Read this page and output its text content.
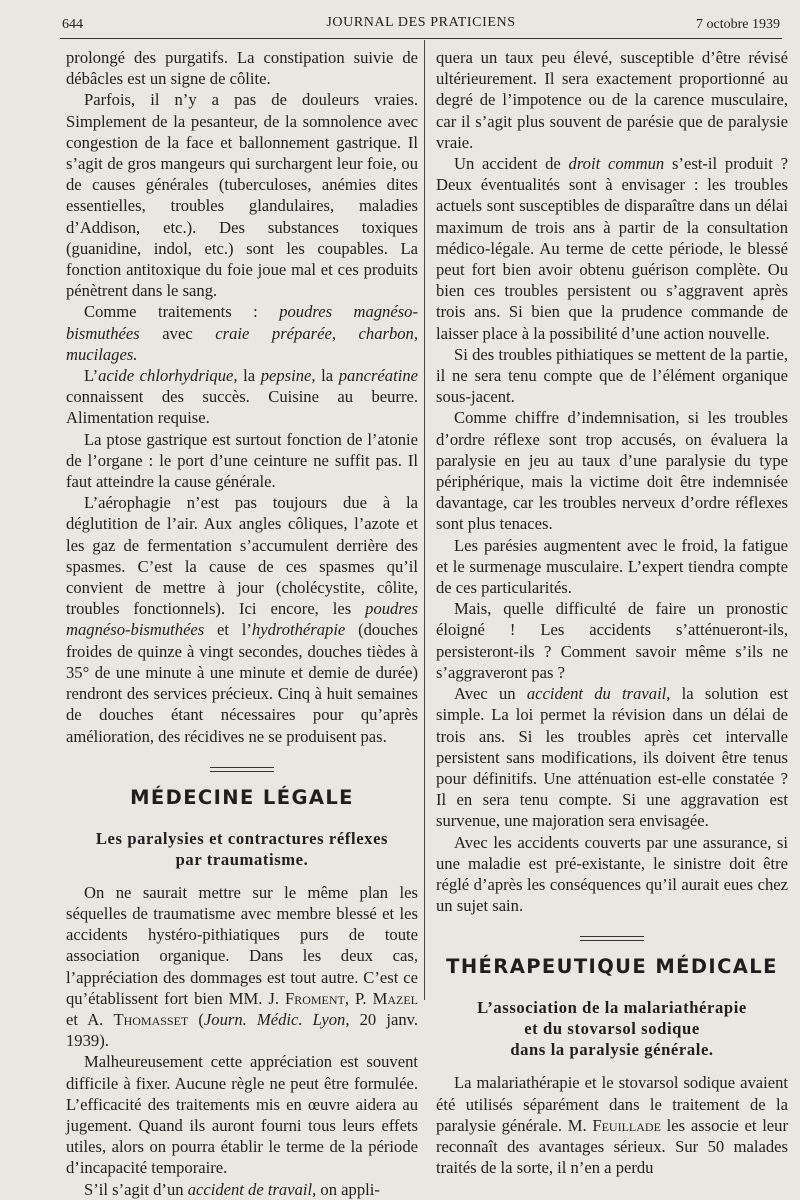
644	JOURNAL DES PRATICIENS	7 octobre 1939

prolongé des purgatifs. La constipation suivie de débâcles est un signe de côlite.

Parfois, il n’y a pas de douleurs vraies. Simplement de la pesanteur, de la somnolence avec congestion de la face et ballonnement gastrique. Il s’agit de gros mangeurs qui surchargent leur foie, ou de causes générales (tuberculoses, anémies dites essentielles, troubles glandulaires, maladies d’Addison, etc.). Des substances toxiques (guanidine, indol, etc.) sont les coupables. La fonction antitoxique du foie joue mal et ces produits pénètrent dans le sang.

Comme traitements : poudres magnéso-bismuthées avec craie préparée, charbon, mucilages.

L’acide chlorhydrique, la pepsine, la pancréatine connaissent des succès. Cuisine au beurre. Alimentation requise.

La ptose gastrique est surtout fonction de l’atonie de l’organe : le port d’une ceinture ne suffit pas. Il faut atteindre la cause générale.

L’aérophagie n’est pas toujours due à la déglutition de l’air. Aux angles côliques, l’azote et les gaz de fermentation s’accumulent derrière des spasmes. C’est la cause de ces spasmes qu’il convient de mettre à jour (cholécystite, côlite, troubles fonctionnels). Ici encore, les poudres magnéso-bismuthées et l’hydrothérapie (douches froides de quinze à vingt secondes, douches tièdes à 35° de une minute à une minute et demie de durée) rendront des services précieux. Cinq à huit semaines de douches étant nécessaires pour qu’après amélioration, des récidives ne se produisent pas.

MÉDECINE LÉGALE
Les paralysies et contractures réflexes
par traumatisme.

On ne saurait mettre sur le même plan les séquelles de traumatisme avec membre blessé et les accidents hystéro-pithiatiques purs de toute association organique. Dans les deux cas, l’appréciation des dommages est tout autre. C’est ce qu’établissent fort bien MM. J. Froment, P. Mazel et A. Thomasset (Journ. Médic. Lyon, 20 janv. 1939).

Malheureusement cette appréciation est souvent difficile à fixer. Aucune règle ne peut être formulée. L’efficacité des traitements mis en œuvre aidera au jugement. Quand ils auront fourni tous leurs effets utiles, alors on pourra établir le terme de la période d’incapacité temporaire.

S’il s’agit d’un accident de travail, on appli-

quera un taux peu élevé, susceptible d’être révisé ultérieurement. Il sera exactement proportionné au degré de l’impotence ou de la carence musculaire, car il s’agit plus souvent de parésie que de paralysie vraie.

Un accident de droit commun s’est-il produit ? Deux éventualités sont à envisager : les troubles actuels sont susceptibles de disparaître dans un délai maximum de trois ans à partir de la consultation médico-légale. Au terme de cette période, le blessé peut fort bien avoir obtenu guérison complète. Ou bien ces troubles persistent ou s’aggravent après trois ans. Si bien que la prudence commande de laisser place à la possibilité d’une action nouvelle.

Si des troubles pithiatiques se mettent de la partie, il ne sera tenu compte que de l’élément organique sous-jacent.

Comme chiffre d’indemnisation, si les troubles d’ordre réflexe sont trop accusés, on évaluera la paralysie en jeu au taux d’une paralysie du type périphérique, mais la victime doit être indemnisée davantage, car les troubles nerveux d’ordre réflexes sont plus tenaces.

Les parésies augmentent avec le froid, la fatigue et le surmenage musculaire. L’expert tiendra compte de ces particularités.

Mais, quelle difficulté de faire un pronostic éloigné ! Les accidents s’atténueront-ils, persisteront-ils ? Comment savoir même s’ils ne s’aggraveront pas ?

Avec un accident du travail, la solution est simple. La loi permet la révision dans un délai de trois ans. Si les troubles après cet intervalle persistent sans modifications, ils doivent être tenus pour définitifs. Une atténuation est-elle constatée ? Il en sera tenu compte. Si une aggravation est survenue, une majoration sera envisagée.

Avec les accidents couverts par une assurance, si une maladie est pré-existante, le sinistre doit être réglé d’après les conséquences qu’il aurait eues chez un sujet sain.

THÉRAPEUTIQUE MÉDICALE
L’association de la malariathérapie
et du stovarsol sodique
dans la paralysie générale.

La malariathérapie et le stovarsol sodique avaient été utilisés séparément dans le traitement de la paralysie générale. M. Feuillade les associe et leur reconnaît des avantages sérieux. Sur 50 malades traités de la sorte, il n’en a perdu
